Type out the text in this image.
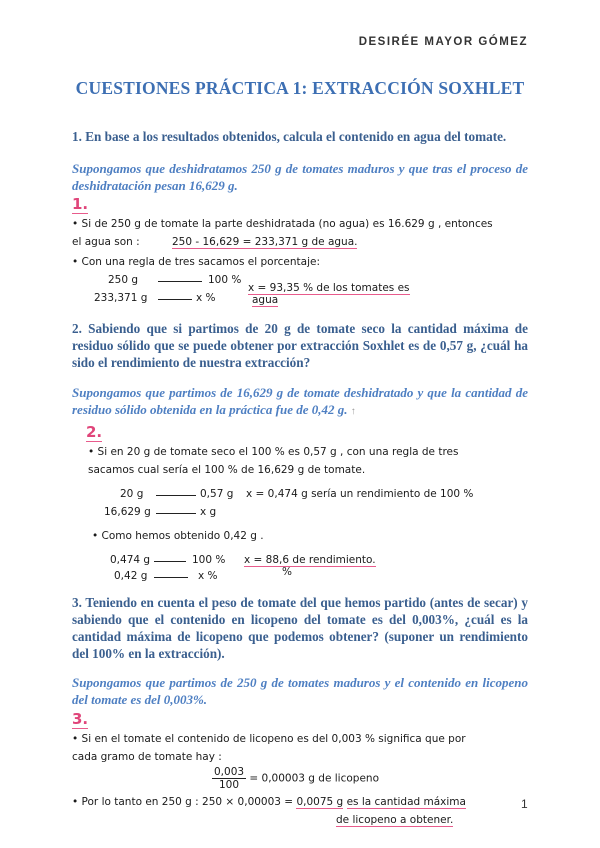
DESIRÉE MAYOR GÓMEZ
CUESTIONES PRÁCTICA 1: EXTRACCIÓN SOXHLET
1. En base a los resultados obtenidos, calcula el contenido en agua del tomate.
Supongamos que deshidratamos 250 g de tomates maduros y que tras el proceso de deshidratación pesan 16,629 g.
1.
• Si de 250 g de tomate la parte deshidratada (no agua) es 16.629 g , entonces
el agua son :	250 - 16,629 = 233,371 g de agua.
• Con una regla de tres sacamos el porcentaje:
250 g	100 %
233,371 g	x %
x = 93,35 % de los tomates es
agua
2. Sabiendo que si partimos de 20 g de tomate seco la cantidad máxima de residuo sólido que se puede obtener por extracción Soxhlet es de 0,57 g, ¿cuál ha sido el rendimiento de nuestra extracción?
Supongamos que partimos de 16,629 g de tomate deshidratado y que la cantidad de residuo sólido obtenida en la práctica fue de 0,42 g. ↑
2.
• Si en 20 g de tomate seco el 100 % es 0,57 g , con una regla de tres
sacamos cual sería el 100 % de 16,629 g de tomate.
20 g	0,57 g x = 0,474 g sería un rendimiento de 100 %
16,629 g	x g
• Como hemos obtenido 0,42 g .
0,474 g	100 % x = 88,6 de rendimiento.
%
0,42 g	x %
3. Teniendo en cuenta el peso de tomate del que hemos partido (antes de secar) y sabiendo que el contenido en licopeno del tomate es del 0,003%, ¿cuál es la cantidad máxima de licopeno que podemos obtener? (suponer un rendimiento del 100% en la extracción).
Supongamos que partimos de 250 g de tomates maduros y el contenido en licopeno del tomate es del 0,003%.
3.
• Si en el tomate el contenido de licopeno es del 0,003 % significa que por
cada gramo de tomate hay :
$\frac{0,003}{100} = 0,00003$ g de licopeno
• Por lo tanto en 250 g : 250 × 0,00003 = 0,0075 g es la cantidad máxima
de licopeno a obtener.
1
